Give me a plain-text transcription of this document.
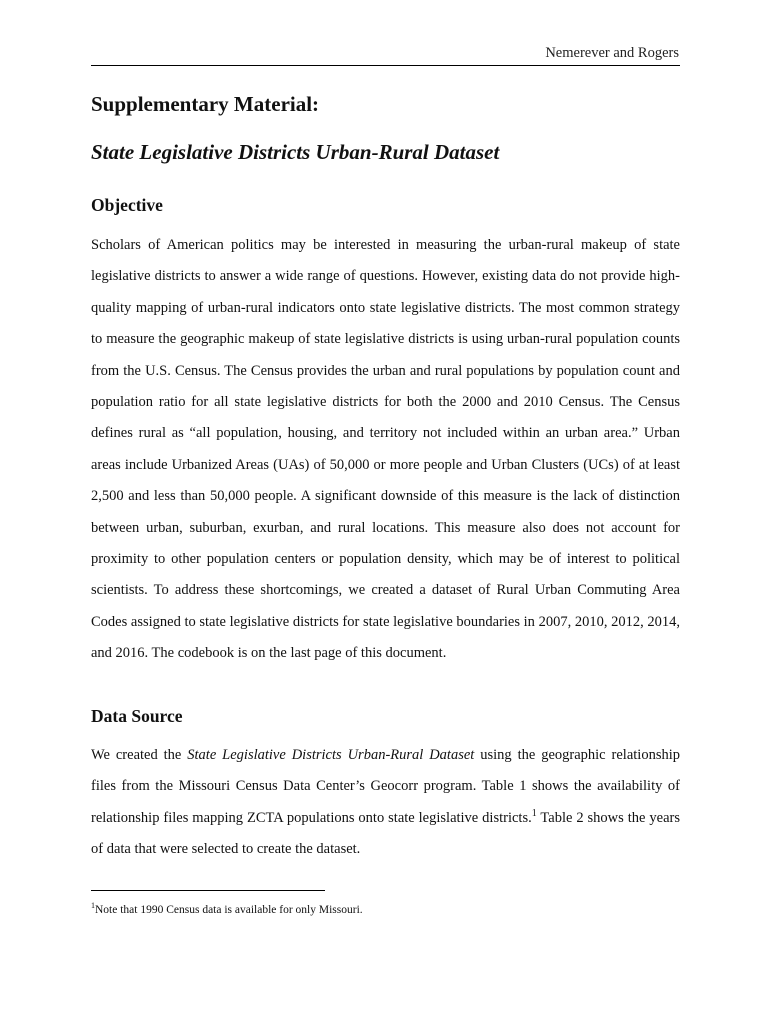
Nemerever and Rogers
Supplementary Material:
State Legislative Districts Urban-Rural Dataset
Objective

Scholars of American politics may be interested in measuring the urban-rural makeup of state legislative districts to answer a wide range of questions. However, existing data do not provide high-quality mapping of urban-rural indicators onto state legislative districts. The most common strategy to measure the geographic makeup of state legislative districts is using urban-rural population counts from the U.S. Census. The Census provides the urban and rural populations by population count and population ratio for all state legislative districts for both the 2000 and 2010 Census. The Census defines rural as “all population, housing, and territory not included within an urban area.” Urban areas include Urbanized Areas (UAs) of 50,000 or more people and Urban Clusters (UCs) of at least 2,500 and less than 50,000 people. A significant downside of this measure is the lack of distinction between urban, suburban, exurban, and rural locations. This measure also does not account for proximity to other population centers or population density, which may be of interest to political scientists. To address these shortcomings, we created a dataset of Rural Urban Commuting Area Codes assigned to state legislative districts for state legislative boundaries in 2007, 2010, 2012, 2014, and 2016. The codebook is on the last page of this document.

Data Source

We created the State Legislative Districts Urban-Rural Dataset using the geographic relationship files from the Missouri Census Data Center’s Geocorr program. Table 1 shows the availability of relationship files mapping ZCTA populations onto state legislative districts.$^1$ Table 2 shows the years of data that were selected to create the dataset.

$^1$Note that 1990 Census data is available for only Missouri.
